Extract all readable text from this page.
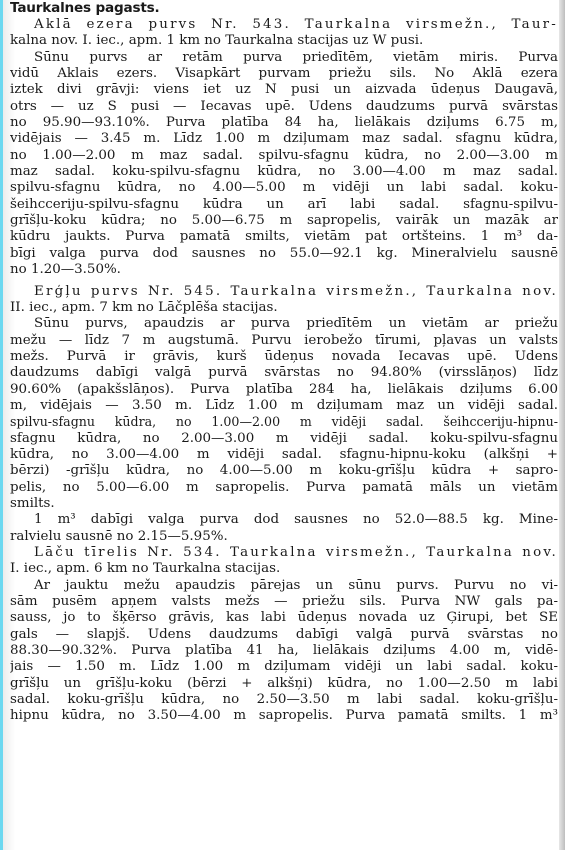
Taurkalnes pagasts.
Aklā ezera purvs Nr. 543. Taurkalna virsmežn., Taur-
kalna nov. I. iec., apm. 1 km no Taurkalna stacijas uz W pusi.
Sūnu purvs ar retām purva priedītēm, vietām miris. Purva
vidū Aklais ezers. Visapkārt purvam priežu sils. No Aklā ezera
iztek divi grāvji: viens iet uz N pusi un aizvada ūdeņus Daugavā,
otrs — uz S pusi — Iecavas upē. Ūdens daudzums purvā svārstas
no 95.90—93.10%. Purva platība 84 ha, lielākais dziļums 6.75 m,
vidējais — 3.45 m. Līdz 1.00 m dziļumam maz sadal. sfagnu kūdra,
no 1.00—2.00 m maz sadal. spilvu-sfagnu kūdra, no 2.00—3.00 m
maz sadal. koku-spilvu-sfagnu kūdra, no 3.00—4.00 m maz sadal.
spilvu-sfagnu kūdra, no 4.00—5.00 m vidēji un labi sadal. koku-
šeihcceriju-spilvu-sfagnu kūdra un arī labi sadal. sfagnu-spilvu-
grīšļu-koku kūdra; no 5.00—6.75 m sapropelis, vairāk un mazāk ar
kūdru jaukts. Purva pamatā smilts, vietām pat ortšteins. 1 m³ da-
bīgi valga purva dod sausnes no 55.0—92.1 kg. Mineralvielu sausnē
no 1.20—3.50%.
Erģļu purvs Nr. 545. Taurkalna virsmežn., Taurkalna nov.
II. iec., apm. 7 km no Lāčplēša stacijas.
Sūnu purvs, apaudzis ar purva priedītēm un vietām ar priežu
mežu — līdz 7 m augstumā. Purvu ierobežo tīrumi, pļavas un valsts
mežs. Purvā ir grāvis, kurš ūdeņus novada Iecavas upē. Ūdens
daudzums dabīgi valgā purvā svārstas no 94.80% (virsslāņos) līdz
90.60% (apakšslāņos). Purva platība 284 ha, lielākais dziļums 6.00
m, vidējais — 3.50 m. Līdz 1.00 m dziļumam maz un vidēji sadal.
spilvu-sfagnu kūdra, no 1.00—2.00 m vidēji sadal. šeihcceriju-hipnu-
sfagnu kūdra, no 2.00—3.00 m vidēji sadal. koku-spilvu-sfagnu
kūdra, no 3.00—4.00 m vidēji sadal. sfagnu-hipnu-koku (alkšņi +
bērzi) -grīšļu kūdra, no 4.00—5.00 m koku-grīšļu kūdra + sapro-
pelis, no 5.00—6.00 m sapropelis. Purva pamatā māls un vietām
smilts.
1 m³ dabīgi valga purva dod sausnes no 52.0—88.5 kg. Mine-
ralvielu sausnē no 2.15—5.95%.
Lāču tīrelis Nr. 534. Taurkalna virsmežn., Taurkalna nov.
I. iec., apm. 6 km no Taurkalna stacijas.
Ar jauktu mežu apaudzis pārejas un sūnu purvs. Purvu no vi-
sām pusēm apņem valsts mežs — priežu sils. Purva NW gals pa-
sauss, jo to šķērso grāvis, kas labi ūdeņus novada uz Ģirupi, bet SE
gals — slapjš. Ūdens daudzums dabīgi valgā purvā svārstas no
88.30—90.32%. Purva platība 41 ha, lielākais dziļums 4.00 m, vidē-
jais — 1.50 m. Līdz 1.00 m dziļumam vidēji un labi sadal. koku-
grīšļu un grīšļu-koku (bērzi + alkšņi) kūdra, no 1.00—2.50 m labi
sadal. koku-grīšļu kūdra, no 2.50—3.50 m labi sadal. koku-grīšļu-
hipnu kūdra, no 3.50—4.00 m sapropelis. Purva pamatā smilts. 1 m³
